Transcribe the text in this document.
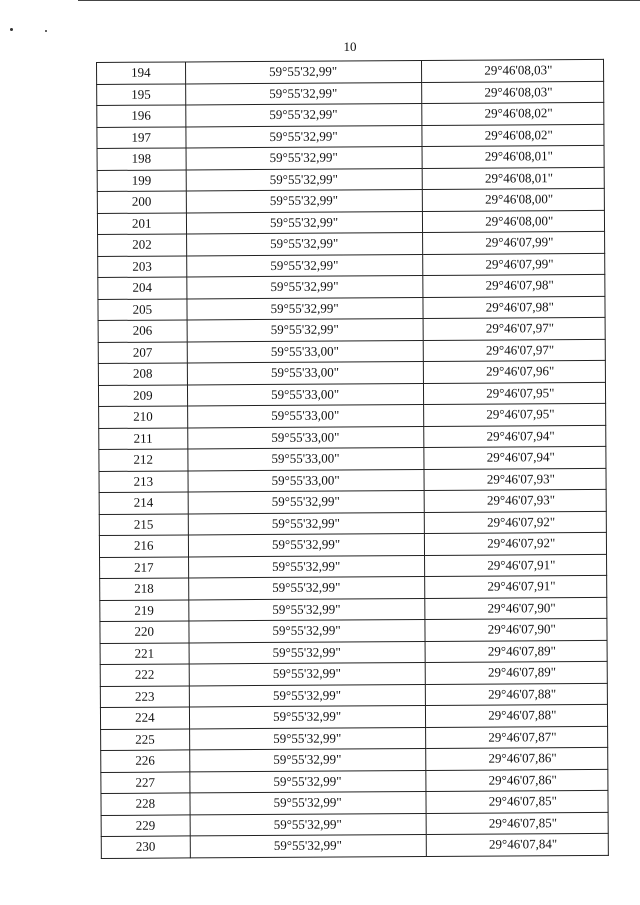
10
194	59°55'32,99"	29°46'08,03"
195	59°55'32,99"	29°46'08,03"
196	59°55'32,99"	29°46'08,02"
197	59°55'32,99"	29°46'08,02"
198	59°55'32,99"	29°46'08,01"
199	59°55'32,99"	29°46'08,01"
200	59°55'32,99"	29°46'08,00"
201	59°55'32,99"	29°46'08,00"
202	59°55'32,99"	29°46'07,99"
203	59°55'32,99"	29°46'07,99"
204	59°55'32,99"	29°46'07,98"
205	59°55'32,99"	29°46'07,98"
206	59°55'32,99"	29°46'07,97"
207	59°55'33,00"	29°46'07,97"
208	59°55'33,00"	29°46'07,96"
209	59°55'33,00"	29°46'07,95"
210	59°55'33,00"	29°46'07,95"
211	59°55'33,00"	29°46'07,94"
212	59°55'33,00"	29°46'07,94"
213	59°55'33,00"	29°46'07,93"
214	59°55'32,99"	29°46'07,93"
215	59°55'32,99"	29°46'07,92"
216	59°55'32,99"	29°46'07,92"
217	59°55'32,99"	29°46'07,91"
218	59°55'32,99"	29°46'07,91"
219	59°55'32,99"	29°46'07,90"
220	59°55'32,99"	29°46'07,90"
221	59°55'32,99"	29°46'07,89"
222	59°55'32,99"	29°46'07,89"
223	59°55'32,99"	29°46'07,88"
224	59°55'32,99"	29°46'07,88"
225	59°55'32,99"	29°46'07,87"
226	59°55'32,99"	29°46'07,86"
227	59°55'32,99"	29°46'07,86"
228	59°55'32,99"	29°46'07,85"
229	59°55'32,99"	29°46'07,85"
230	59°55'32,99"	29°46'07,84"
